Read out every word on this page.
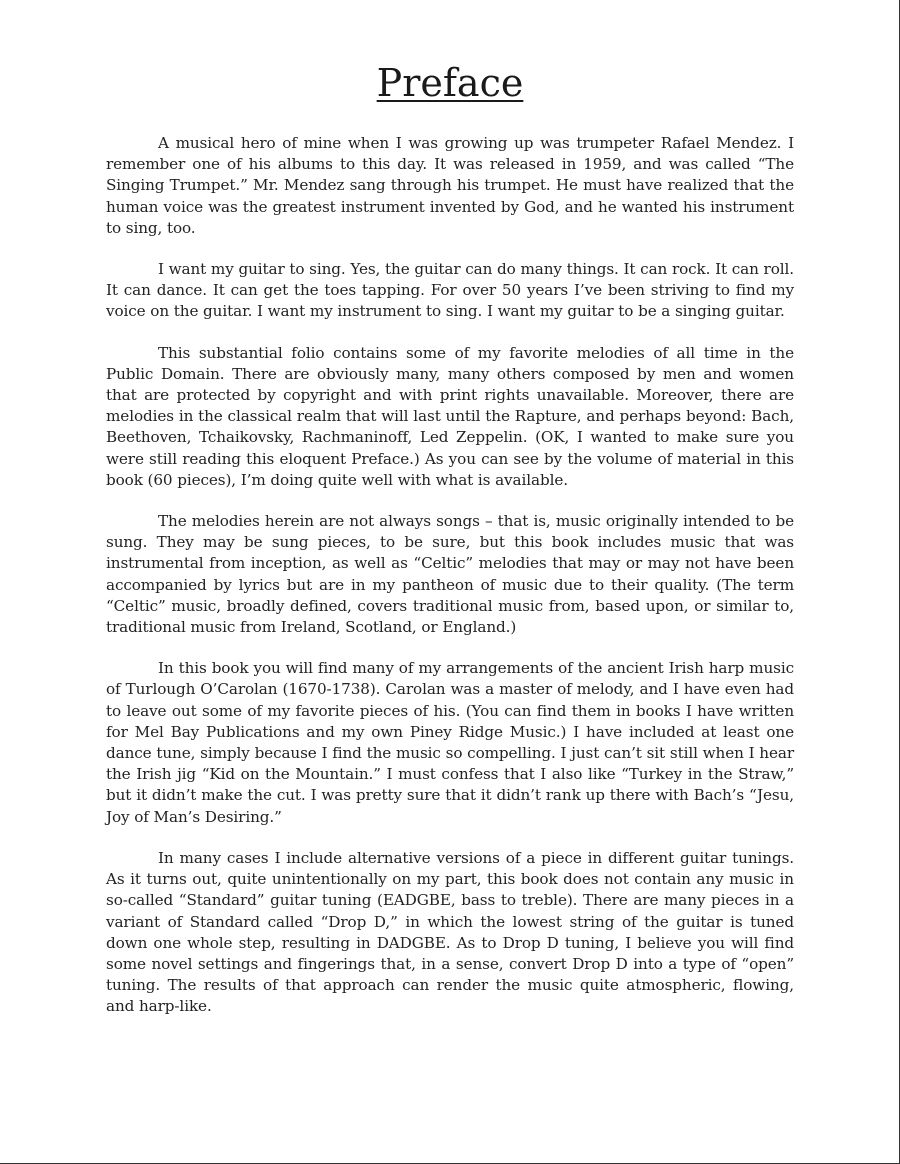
Preface

A musical hero of mine when I was growing up was trumpeter Rafael Mendez. I remember one of his albums to this day. It was released in 1959, and was called “The Singing Trumpet.” Mr. Mendez sang through his trumpet. He must have realized that the human voice was the greatest instrument invented by God, and he wanted his instrument to sing, too.

I want my guitar to sing. Yes, the guitar can do many things. It can rock. It can roll. It can dance. It can get the toes tapping. For over 50 years I’ve been striving to find my voice on the guitar. I want my instrument to sing. I want my guitar to be a singing guitar.

This substantial folio contains some of my favorite melodies of all time in the Public Domain. There are obviously many, many others composed by men and women that are protected by copyright and with print rights unavailable. Moreover, there are melodies in the classical realm that will last until the Rapture, and perhaps beyond: Bach, Beethoven, Tchaikovsky, Rachmaninoff, Led Zeppelin. (OK, I wanted to make sure you were still reading this eloquent Preface.) As you can see by the volume of material in this book (60 pieces), I’m doing quite well with what is available.

The melodies herein are not always songs – that is, music originally intended to be sung. They may be sung pieces, to be sure, but this book includes music that was instrumental from inception, as well as “Celtic” melodies that may or may not have been accompanied by lyrics but are in my pantheon of music due to their quality. (The term “Celtic” music, broadly defined, covers traditional music from, based upon, or similar to, traditional music from Ireland, Scotland, or England.)

In this book you will find many of my arrangements of the ancient Irish harp music of Turlough O’Carolan (1670-1738). Carolan was a master of melody, and I have even had to leave out some of my favorite pieces of his. (You can find them in books I have written for Mel Bay Publications and my own Piney Ridge Music.) I have included at least one dance tune, simply because I find the music so compelling. I just can’t sit still when I hear the Irish jig “Kid on the Mountain.” I must confess that I also like “Turkey in the Straw,” but it didn’t make the cut. I was pretty sure that it didn’t rank up there with Bach’s “Jesu, Joy of Man’s Desiring.”

In many cases I include alternative versions of a piece in different guitar tunings. As it turns out, quite unintentionally on my part, this book does not contain any music in so-called “Standard” guitar tuning (EADGBE, bass to treble). There are many pieces in a variant of Standard called “Drop D,” in which the lowest string of the guitar is tuned down one whole step, resulting in DADGBE. As to Drop D tuning, I believe you will find some novel settings and fingerings that, in a sense, convert Drop D into a type of “open” tuning. The results of that approach can render the music quite atmospheric, flowing, and harp-like.
